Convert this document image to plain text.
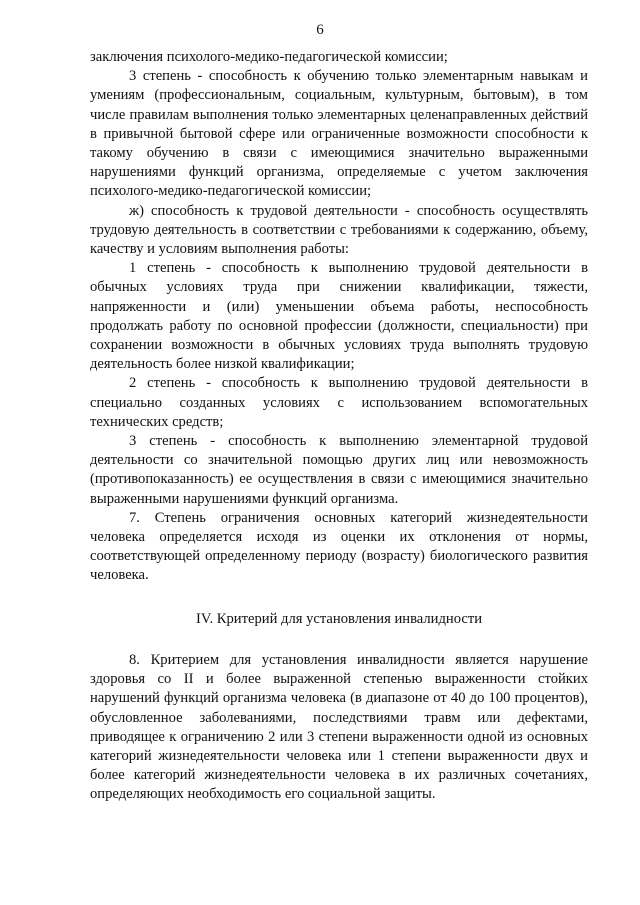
6

заключения психолого-медико-педагогической комиссии;

3 степень - способность к обучению только элементарным навыкам и умениям (профессиональным, социальным, культурным, бытовым), в том числе правилам выполнения только элементарных целенаправленных действий в привычной бытовой сфере или ограниченные возможности способности к такому обучению в связи с имеющимися значительно выраженными нарушениями функций организма, определяемые с учетом заключения психолого-медико-педагогической комиссии;

ж) способность к трудовой деятельности - способность осуществлять трудовую деятельность в соответствии с требованиями к содержанию, объему, качеству и условиям выполнения работы:

1 степень - способность к выполнению трудовой деятельности в обычных условиях труда при снижении квалификации, тяжести, напряженности и (или) уменьшении объема работы, неспособность продолжать работу по основной профессии (должности, специальности) при сохранении возможности в обычных условиях труда выполнять трудовую деятельность более низкой квалификации;

2 степень - способность к выполнению трудовой деятельности в специально созданных условиях с использованием вспомогательных технических средств;

3 степень - способность к выполнению элементарной трудовой деятельности со значительной помощью других лиц или невозможность (противопоказанность) ее осуществления в связи с имеющимися значительно выраженными нарушениями функций организма.

7. Степень ограничения основных категорий жизнедеятельности человека определяется исходя из оценки их отклонения от нормы, соответствующей определенному периоду (возрасту) биологического развития человека.

IV. Критерий для установления инвалидности

8. Критерием для установления инвалидности является нарушение здоровья со II и более выраженной степенью выраженности стойких нарушений функций организма человека (в диапазоне от 40 до 100 процентов), обусловленное заболеваниями, последствиями травм или дефектами, приводящее к ограничению 2 или 3 степени выраженности одной из основных категорий жизнедеятельности человека или 1 степени выраженности двух и более категорий жизнедеятельности человека в их различных сочетаниях, определяющих необходимость его социальной защиты.
